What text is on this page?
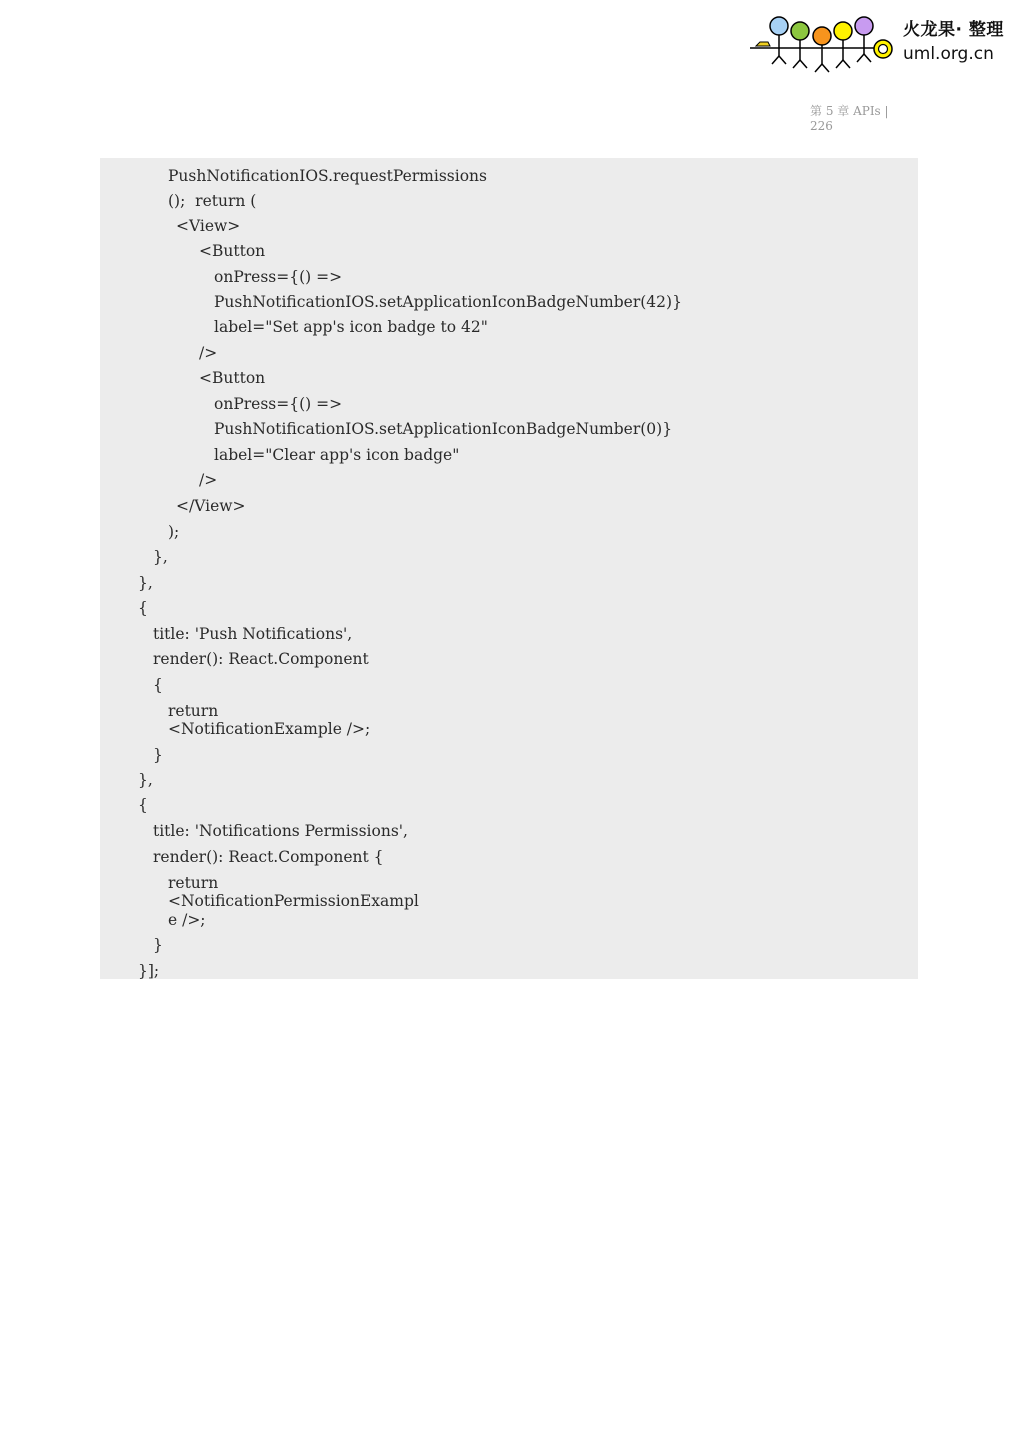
火龙果· 整理
uml.org.cn
第 5 章 APIs |
226
PushNotificationIOS.requestPermissions
();  return (
<View>
<Button
onPress={() =>
PushNotificationIOS.setApplicationIconBadgeNumber(42)}
label="Set app's icon badge to 42"
/>
<Button
onPress={() =>
PushNotificationIOS.setApplicationIconBadgeNumber(0)}
label="Clear app's icon badge"
/>
</View>
);
},
},
{
title: 'Push Notifications',
render(): React.Component
{
return
<NotificationExample />;
}
},
{
title: 'Notifications Permissions',
render(): React.Component {
return
<NotificationPermissionExampl
e />;
}
}];
